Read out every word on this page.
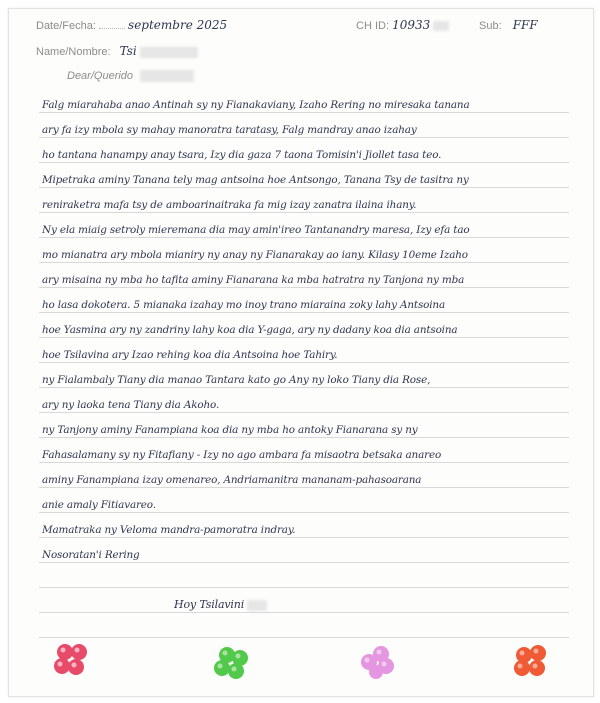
Date/Fecha:	septembre 2025	CH ID: 10933	Sub: FFF
Name/Nombre: Tsi
Dear/Querido
Falg miarahaba anao Antinah sy ny Fianakaviany, Izaho Rering no miresaka tanana
ary fa izy mbola sy mahay manoratra taratasy, Falg mandray anao izahay
ho tantana hanampy anay tsara, Izy dia gaza 7 taona Tomisin'i Jiollet tasa teo.
Mipetraka aminy Tanana tely mag antsoina hoe Antsongo, Tanana Tsy de tasitra ny
reniraketra mafa tsy de amboarinaitraka fa mig izay zanatra ilaina ihany.
Ny ela miaig setroly mieremana dia may amin'ireo Tantanandry maresa, Izy efa tao
mo mianatra ary mbola mianiry ny anay ny Fianarakay ao iany. Kilasy 10eme Izaho
ary misaina ny mba ho tafita aminy Fianarana ka mba hatratra ny Tanjona ny mba
ho lasa dokotera. 5 mianaka izahay mo inoy trano miaraina zoky lahy Antsoina
hoe Yasmina ary ny zandriny lahy koa dia Y-gaga, ary ny dadany koa dia antsoina
hoe Tsilavina ary Izao rehing koa dia Antsoina hoe Tahiry.
ny Fialambaly Tiany dia manao Tantara kato go Any ny loko Tiany dia Rose,
ary ny laoka tena Tiany dia Akoho.
ny Tanjony aminy Fanampiana koa dia ny mba ho antoky Fianarana sy ny
Fahasalamany sy ny Fitafiany - Izy no ago ambara fa misaotra betsaka anareo
aminy Fanampiana izay omenareo, Andriamanitra mananam-pahasoarana
anie amaly Fitiavareo.
Mamatraka ny Veloma mandra-pamoratra indray.
Nosoratan'i Rering
Hoy Tsilavini
